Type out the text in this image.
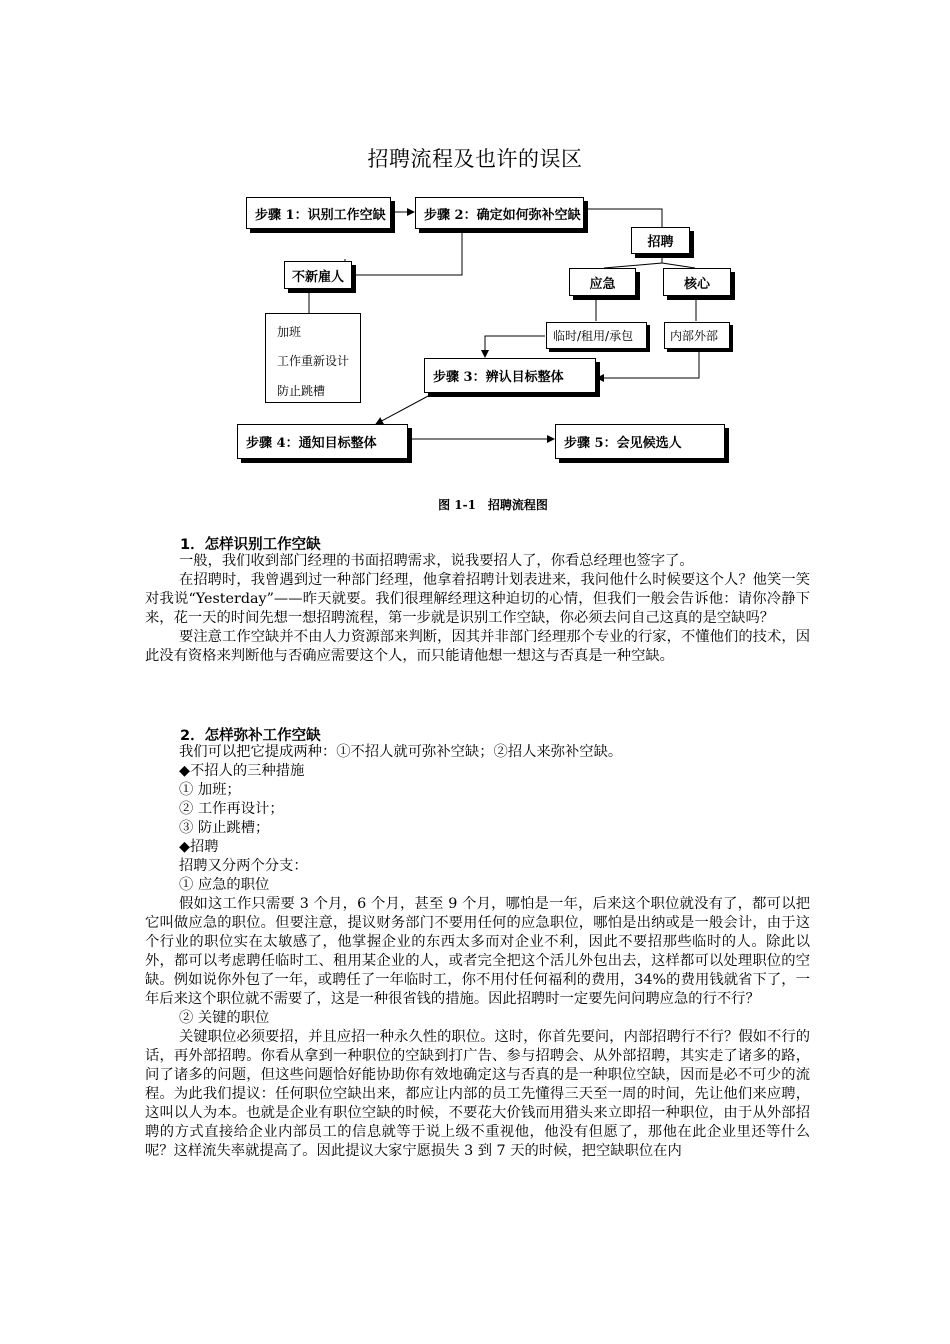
招聘流程及也许的误区
步骤 1：识别工作空缺	步骤 2：确定如何弥补空缺
招聘
不新雇人	应急	核心
加班
工作重新设计
防止跳槽
临时/租用/承包	内部外部
步骤 3：辨认目标整体
步骤 4：通知目标整体	步骤 5：会见候选人
图 1-1　招聘流程图
1．怎样识别工作空缺

一般，我们收到部门经理的书面招聘需求，说我要招人了，你看总经理也签字了。

在招聘时，我曾遇到过一种部门经理，他拿着招聘计划表进来，我问他什么时候要这个人？他笑一笑对我说“Yesterday”——昨天就要。我们很理解经理这种迫切的心情，但我们一般会告诉他：请你冷静下来，花一天的时间先想一想招聘流程，第一步就是识别工作空缺，你必须去问自己这真的是空缺吗？

要注意工作空缺并不由人力资源部来判断，因其并非部门经理那个专业的行家，不懂他们的技术，因此没有资格来判断他与否确应需要这个人，而只能请他想一想这与否真是一种空缺。

2．怎样弥补工作空缺

我们可以把它提成两种：①不招人就可弥补空缺；②招人来弥补空缺。

◆不招人的三种措施

① 加班；

② 工作再设计；

③ 防止跳槽；

◆招聘

招聘又分两个分支：

① 应急的职位

假如这工作只需要 3 个月，6 个月，甚至 9 个月，哪怕是一年，后来这个职位就没有了，都可以把它叫做应急的职位。但要注意，提议财务部门不要用任何的应急职位，哪怕是出纳或是一般会计，由于这个行业的职位实在太敏感了，他掌握企业的东西太多而对企业不利，因此不要招那些临时的人。除此以外，都可以考虑聘任临时工、租用某企业的人，或者完全把这个活儿外包出去，这样都可以处理职位的空缺。例如说你外包了一年，或聘任了一年临时工，你不用付任何福利的费用，34%的费用钱就省下了，一年后来这个职位就不需要了，这是一种很省钱的措施。因此招聘时一定要先问问聘应急的行不行？

② 关键的职位

关键职位必须要招，并且应招一种永久性的职位。这时，你首先要问，内部招聘行不行？假如不行的话，再外部招聘。你看从拿到一种职位的空缺到打广告、参与招聘会、从外部招聘，其实走了诸多的路，问了诸多的问题，但这些问题恰好能协助你有效地确定这与否真的是一种职位空缺，因而是必不可少的流程。为此我们提议：任何职位空缺出来，都应让内部的员工先懂得三天至一周的时间，先让他们来应聘，这叫以人为本。也就是企业有职位空缺的时候，不要花大价钱而用猎头来立即招一种职位，由于从外部招聘的方式直接给企业内部员工的信息就等于说上级不重视他，他没有但愿了，那他在此企业里还等什么呢？这样流失率就提高了。因此提议大家宁愿损失 3 到 7 天的时候，把空缺职位在内
